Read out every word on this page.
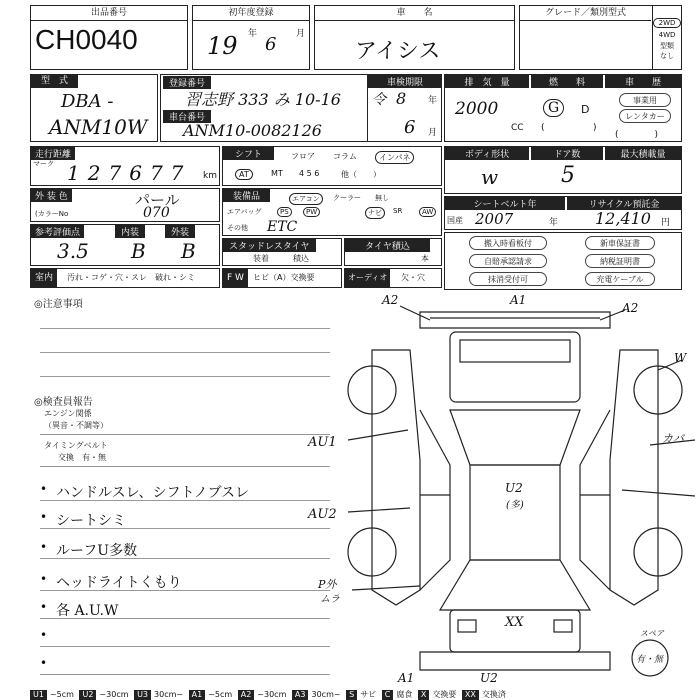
出品番号
CH0040
初年度登録
19 年 6 月
車　　名
アイシス
グレード／類別型式
2WD
4WD
型類
なし
型　式
DBA -
ANM10W
登録番号
習志野 333 み 10-16
車台番号
ANM10-0082126
車検期限
令 8 年
6 月
排　気　量	燃　　料	車　　歴
2000
CC
G	D
(	)
事業用
レンタカー
(　　　　)
走行距離
マーク 127677 km
シフト	フロア コラム	インパネ
AT	MT 4 5 6	他（　　）
ボディ形状	ドア数	最大積載量
w	5
外 装 色	パール
(カラーNo	070
装備品	エアコン	クーラー 無し
エアバッグ	PS	PW	ナビ	SR	AW
その他 ETC
シートベルト年	リサイクル預託金
国産 2007	年 12,410 円
参考評価点	内装	外装
3.5 B B	スタッドレスタイヤ
装着	積込
タイヤ積込
本
搬入時看板付	新車保証書
自賠承認請求	納税証明書
抹消受付可	充電ケーブル
室内	汚れ・コゲ・穴・スレ　破れ・シミ	F W	ヒビ（A）交換要	オーディオ	欠・穴
◎注意事項
◎検査員報告
エンジン関係
（異音・不調等）
タイミングベルト
交換　有・無
• ハンドルスレ、シフトノブスレ
• シートシミ
• ルーフU多数
• ヘッドライトくもり
• 各 A.U.W
•
•
A2	A1
A2
W
AU1	カバ
AU2
U2
(多)
P外
ムラ
XX
A1	U2
スペア
有・無
U1 ~5cm U2 ~30cm U3 30cm~ A1 ~5cm A2 ~30cm A3 30cm~ S サビ C 腐食 X 交換要 XX 交換済
